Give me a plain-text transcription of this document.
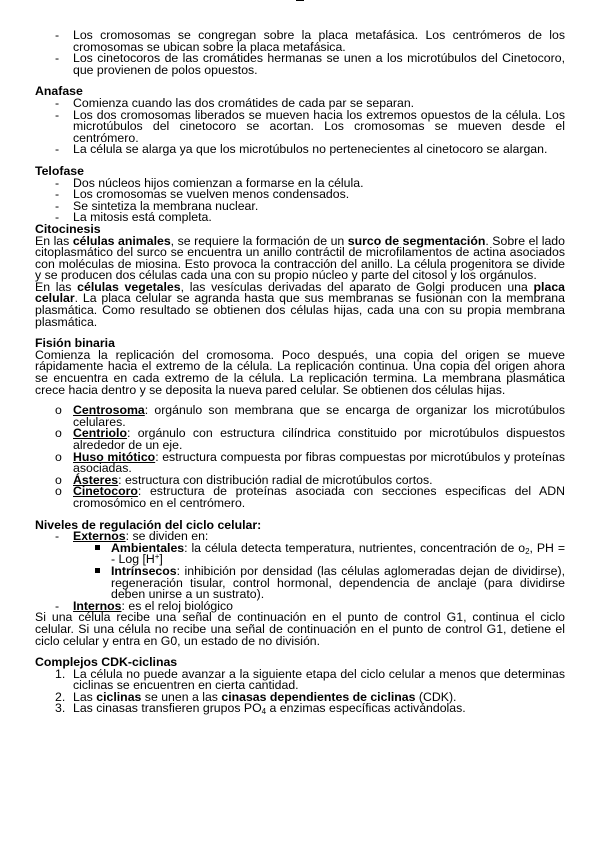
- Los cromosomas se congregan sobre la placa metafásica. Los centrómeros de los cromosomas se ubican sobre la placa metafásica.
- Los cinetocoros de las cromátides hermanas se unen a los microtúbulos del Cinetocoro, que provienen de polos opuestos.
Anafase
- Comienza cuando las dos cromátides de cada par se separan.
- Los dos cromosomas liberados se mueven hacia los extremos opuestos de la célula. Los microtúbulos del cinetocoro se acortan. Los cromosomas se mueven desde el centrómero.
- La célula se alarga ya que los microtúbulos no pertenecientes al cinetocoro se alargan.
Telofase
- Dos núcleos hijos comienzan a formarse en la célula.
- Los cromosomas se vuelven menos condensados.
- Se sintetiza la membrana nuclear.
- La mitosis está completa.
Citocinesis

En las células animales, se requiere la formación de un surco de segmentación. Sobre el lado citoplasmático del surco se encuentra un anillo contráctil de microfilamentos de actina asociados con moléculas de miosina. Esto provoca la contracción del anillo. La célula progenitora se divide y se producen dos células cada una con su propio núcleo y parte del citosol y los orgánulos.

En las células vegetales, las vesículas derivadas del aparato de Golgi producen una placa celular. La placa celular se agranda hasta que sus membranas se fusionan con la membrana plasmática. Como resultado se obtienen dos células hijas, cada una con su propia membrana plasmática.

Fisión binaria

Comienza la replicación del cromosoma. Poco después, una copia del origen se mueve rápidamente hacia el extremo de la célula. La replicación continua. Una copia del origen ahora se encuentra en cada extremo de la célula. La replicación termina. La membrana plasmática crece hacia dentro y se deposita la nueva pared celular. Se obtienen dos células hijas.

o Centrosoma: orgánulo son membrana que se encarga de organizar los microtúbulos celulares.
o Centriolo: orgánulo con estructura cilíndrica constituido por microtúbulos dispuestos alrededor de un eje.
o Huso mitótico: estructura compuesta por fibras compuestas por microtúbulos y proteínas asociadas.
o Ásteres: estructura con distribución radial de microtúbulos cortos.
o Cinetocoro: estructura de proteínas asociada con secciones especificas del ADN cromosómico en el centrómero.
Niveles de regulación del ciclo celular:
- Externos: se dividen en:
Ambientales: la célula detecta temperatura, nutrientes, concentración de $o_2$, PH = - Log [H+]
Intrínsecos: inhibición por densidad (las células aglomeradas dejan de dividirse), regeneración tisular, control hormonal, dependencia de anclaje (para dividirse deben unirse a un sustrato).
- Internos: es el reloj biológico

Si una célula recibe una señal de continuación en el punto de control G1, continua el ciclo celular. Si una célula no recibe una señal de continuación en el punto de control G1, detiene el ciclo celular y entra en G0, un estado de no división.

Complejos CDK-ciclinas
1. La célula no puede avanzar a la siguiente etapa del ciclo celular a menos que determinas ciclinas se encuentren en cierta cantidad.
2. Las ciclinas se unen a las cinasas dependientes de ciclinas (CDK).
3. Las cinasas transfieren grupos $PO_4$ a enzimas específicas activándolas.
